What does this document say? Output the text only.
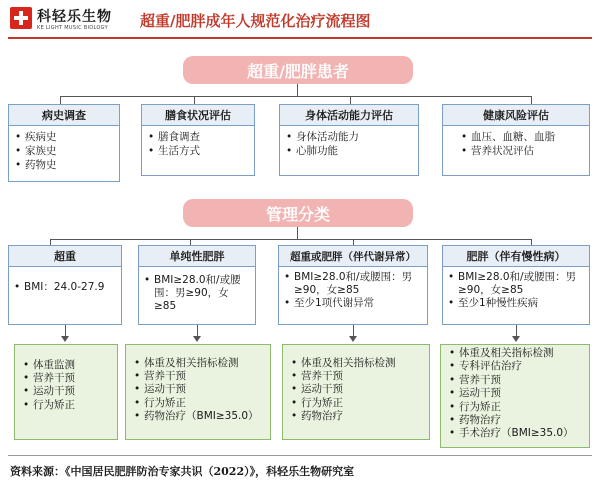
科轻乐生物
KE LIGHT MUSIC BIOLOGY 超重/肥胖成年人规范化治疗流程图
超重/肥胖患者
病史调查
• 疾病史
• 家族史
• 药物史
膳食状况评估
• 膳食调查
• 生活方式
身体活动能力评估
• 身体活动能力
• 心肺功能
健康风险评估
• 血压、血糖、血脂
• 营养状况评估
管理分类
超重
• BMI：24.0-27.9
单纯性肥胖
• BMI≥28.0和/或腰围：男≥90，女≥85
超重或肥胖（伴代谢异常）
• BMI≥28.0和/或腰围：男≥90，女≥85
• 至少1项代谢异常
肥胖（伴有慢性病）
• BMI≥28.0和/或腰围：男≥90，女≥85
• 至少1种慢性疾病
• 体重监测
• 营养干预
• 运动干预
• 行为矫正
• 体重及相关指标检测
• 营养干预
• 运动干预
• 行为矫正
• 药物治疗（BMI≥35.0）
• 体重及相关指标检测
• 营养干预
• 运动干预
• 行为矫正
• 药物治疗
• 体重及相关指标检测
• 专科评估治疗
• 营养干预
• 运动干预
• 行为矫正
• 药物治疗
• 手术治疗（BMI≥35.0）
资料来源：《中国居民肥胖防治专家共识（2022）》，科轻乐生物研究室
